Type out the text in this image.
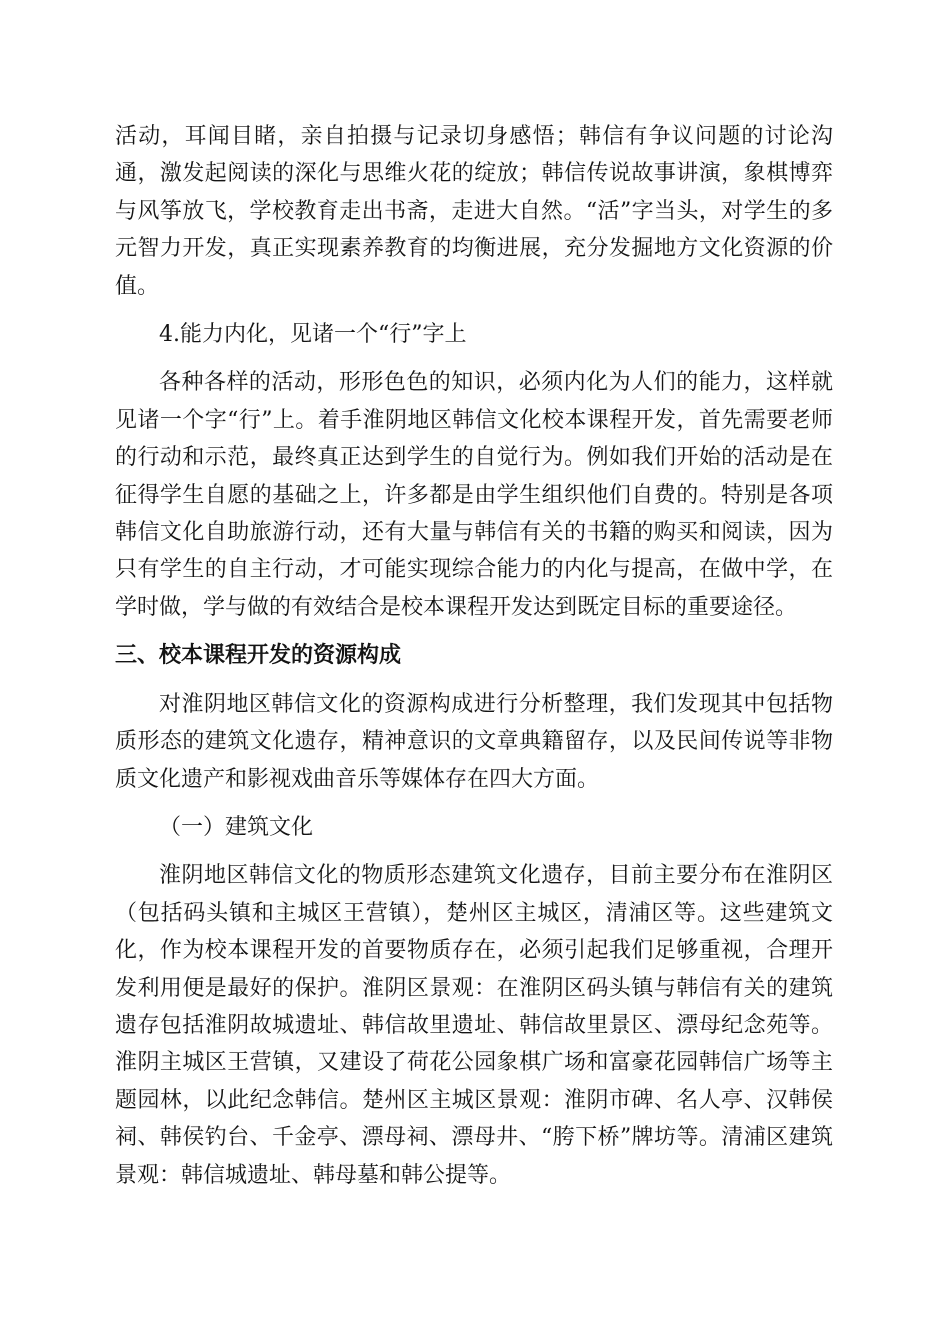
活动，耳闻目睹，亲自拍摄与记录切身感悟；韩信有争议问题的讨论沟通，激发起阅读的深化与思维火花的绽放；韩信传说故事讲演，象棋博弈与风筝放飞，学校教育走出书斋，走进大自然。“活”字当头，对学生的多元智力开发，真正实现素养教育的均衡进展，充分发掘地方文化资源的价值。

4.能力内化，见诸一个“行”字上

各种各样的活动，形形色色的知识，必须内化为人们的能力，这样就见诸一个字“行”上。着手淮阴地区韩信文化校本课程开发，首先需要老师的行动和示范，最终真正达到学生的自觉行为。例如我们开始的活动是在征得学生自愿的基础之上，许多都是由学生组织他们自费的。特别是各项韩信文化自助旅游行动，还有大量与韩信有关的书籍的购买和阅读，因为只有学生的自主行动，才可能实现综合能力的内化与提高，在做中学，在学时做，学与做的有效结合是校本课程开发达到既定目标的重要途径。

三、校本课程开发的资源构成

对淮阴地区韩信文化的资源构成进行分析整理，我们发现其中包括物质形态的建筑文化遗存，精神意识的文章典籍留存，以及民间传说等非物质文化遗产和影视戏曲音乐等媒体存在四大方面。

（一）建筑文化

淮阴地区韩信文化的物质形态建筑文化遗存，目前主要分布在淮阴区（包括码头镇和主城区王营镇），楚州区主城区，清浦区等。这些建筑文化，作为校本课程开发的首要物质存在，必须引起我们足够重视，合理开发利用便是最好的保护。淮阴区景观：在淮阴区码头镇与韩信有关的建筑遗存包括淮阴故城遗址、韩信故里遗址、韩信故里景区、漂母纪念苑等。淮阴主城区王营镇，又建设了荷花公园象棋广场和富豪花园韩信广场等主题园林，以此纪念韩信。楚州区主城区景观：淮阴市碑、名人亭、汉韩侯祠、韩侯钓台、千金亭、漂母祠、漂母井、“胯下桥”牌坊等。清浦区建筑景观：韩信城遗址、韩母墓和韩公提等。
